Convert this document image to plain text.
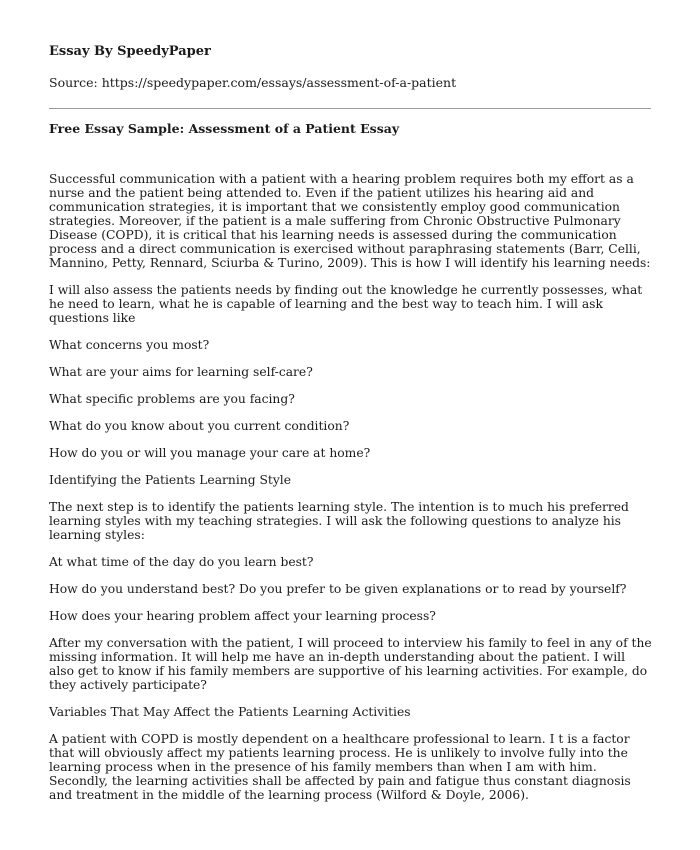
Essay By SpeedyPaper
Source: https://speedypaper.com/essays/assessment-of-a-patient
Free Essay Sample: Assessment of a Patient Essay

Successful communication with a patient with a hearing problem requires both my effort as a nurse and the patient being attended to. Even if the patient utilizes his hearing aid and communication strategies, it is important that we consistently employ good communication strategies. Moreover, if the patient is a male suffering from Chronic Obstructive Pulmonary Disease (COPD), it is critical that his learning needs is assessed during the communication process and a direct communication is exercised without paraphrasing statements (Barr, Celli, Mannino, Petty, Rennard, Sciurba & Turino, 2009). This is how I will identify his learning needs:

I will also assess the patients needs by finding out the knowledge he currently possesses, what he need to learn, what he is capable of learning and the best way to teach him. I will ask questions like

What concerns you most?

What are your aims for learning self-care?

What specific problems are you facing?

What do you know about you current condition?

How do you or will you manage your care at home?

Identifying the Patients Learning Style

The next step is to identify the patients learning style. The intention is to much his preferred learning styles with my teaching strategies. I will ask the following questions to analyze his learning styles:

At what time of the day do you learn best?

How do you understand best? Do you prefer to be given explanations or to read by yourself?

How does your hearing problem affect your learning process?

After my conversation with the patient, I will proceed to interview his family to feel in any of the missing information. It will help me have an in-depth understanding about the patient. I will also get to know if his family members are supportive of his learning activities. For example, do they actively participate?

Variables That May Affect the Patients Learning Activities

A patient with COPD is mostly dependent on a healthcare professional to learn. I t is a factor that will obviously affect my patients learning process. He is unlikely to involve fully into the learning process when in the presence of his family members than when I am with him. Secondly, the learning activities shall be affected by pain and fatigue thus constant diagnosis and treatment in the middle of the learning process (Wilford & Doyle, 2006).
